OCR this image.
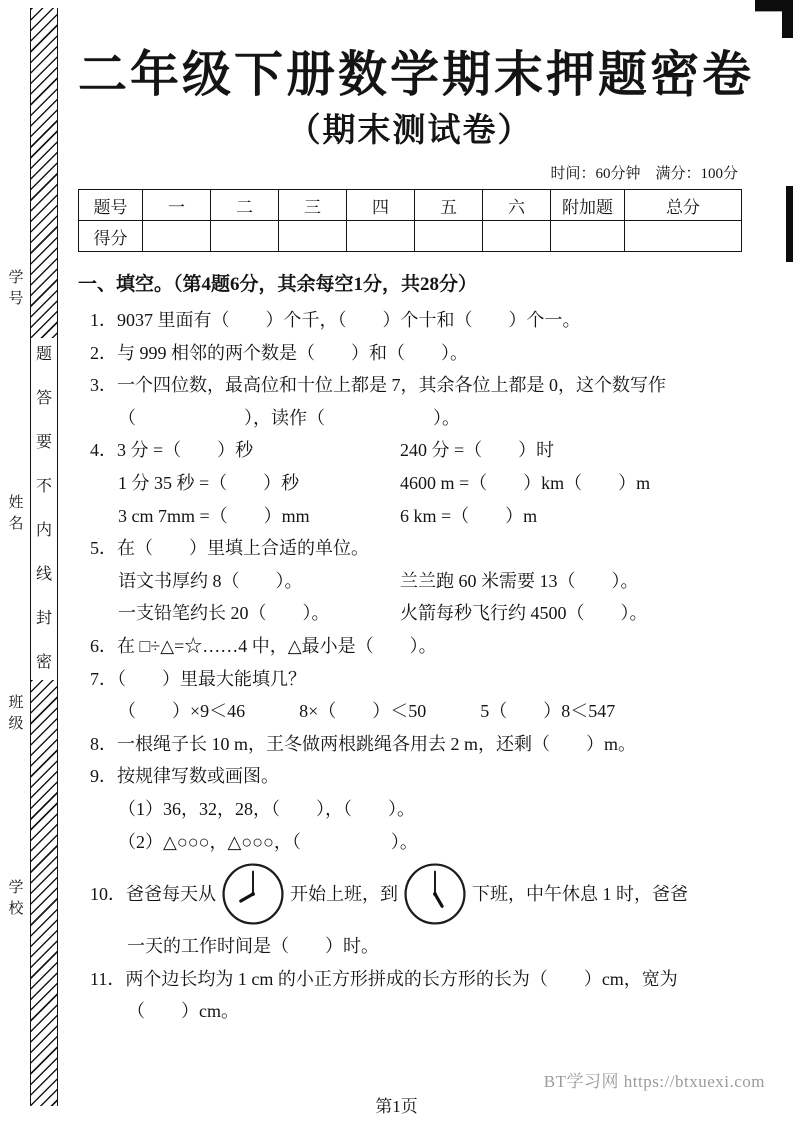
学号
姓名
班级
学校
题
答
要
不
内
线
封
密
二年级下册数学期末押题密卷
（期末测试卷）
时间：60分钟　满分：100分
题号	一	二	三	四	五	六	附加题	总分
得分								
一、填空。（第4题6分，其余每空1分，共28分）
1．9037 里面有（　　）个千，（　　）个十和（　　）个一。
2．与 999 相邻的两个数是（　　）和（　　）。
3．一个四位数，最高位和十位上都是 7，其余各位上都是 0，这个数写作
（　　　　　　），读作（　　　　　　）。
4．3 分 =（　　）秒	240 分 =（　　）时
1 分 35 秒 =（　　）秒	4600 m =（　　）km（　　）m
3 cm 7mm =（　　）mm	6 km =（　　）m
5．在（　　）里填上合适的单位。
语文书厚约 8（　　）。	兰兰跑 60 米需要 13（　　）。
一支铅笔约长 20（　　）。	火箭每秒飞行约 4500（　　）。
6．在 □÷△=☆……4 中，△最小是（　　）。
7．（　　）里最大能填几？
（　　）×9＜46　　　8×（　　）＜50　　　5（　　）8＜547
8．一根绳子长 10 m，王冬做两根跳绳各用去 2 m，还剩（　　）m。
9．按规律写数或画图。
（1）36，32，28，（　　），（　　）。
（2）△○○○，△○○○，（　　　　　）。
10．爸爸每天从	开始上班，到	下班，中午休息 1 时，爸爸
一天的工作时间是（　　）时。
11．两个边长均为 1 cm 的小正方形拼成的长方形的长为（　　）cm，宽为
（　　）cm。
BT学习网 https://btxuexi.com
第1页
